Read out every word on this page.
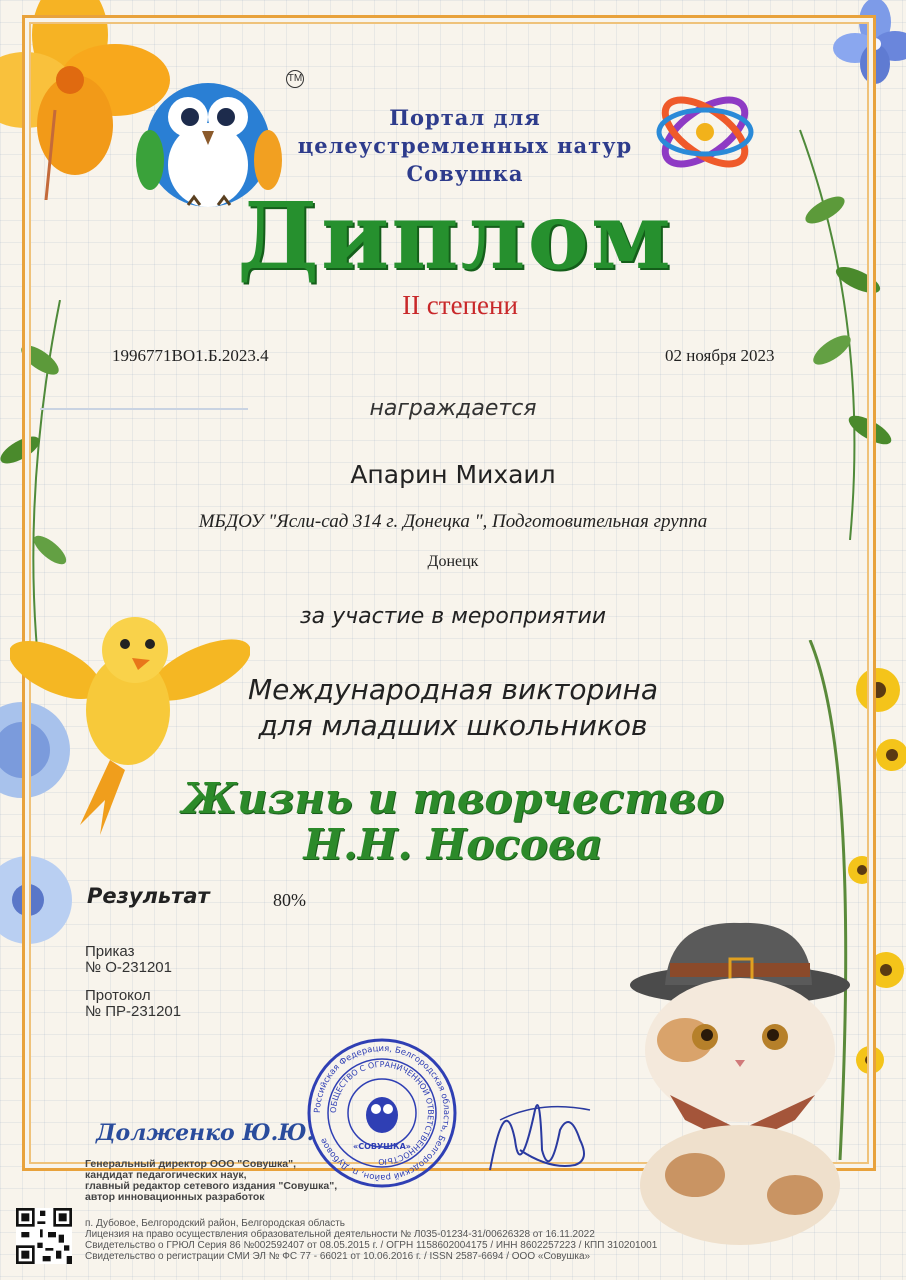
TM
Портал для
целеустремленных натур
Совушка
Диплом
II степени
1996771ВО1.Б.2023.4	02 ноября 2023
награждается
Апарин Михаил
МБДОУ "Ясли-сад 314 г. Донецка ", Подготовительная группа
Донецк
за участие в мероприятии
Международная викторина
для младших школьников
Жизнь и творчество
Н.Н. Носова
Результат	80%
Приказ
№ О-231201
Протокол
№ ПР-231201
Российская Федерация, Белгородская область, Белгородский район, п. Дубовое
ОБЩЕСТВО С ОГРАНИЧЕННОЙ ОТВЕТСТВЕННОСТЬЮ
«СОВУШКА»
Долженко Ю.Ю.
Генеральный директор ООО "Совушка",
кандидат педагогических наук,
главный редактор сетевого издания "Совушка",
автор инновационных разработок
п. Дубовое, Белгородский район, Белгородская область
Лицензия на право осуществления образовательной деятельности № Л035-01234-31/00626328 от 16.11.2022
Свидетельство о ГРЮЛ Серия 86 №002592407 от 08.05.2015 г. / ОГРН 1158602004175 / ИНН 8602257223 / КПП 310201001
Свидетельство о регистрации СМИ ЭЛ № ФС 77 - 66021 от 10.06.2016 г. / ISSN 2587-6694 / ООО «Совушка»
